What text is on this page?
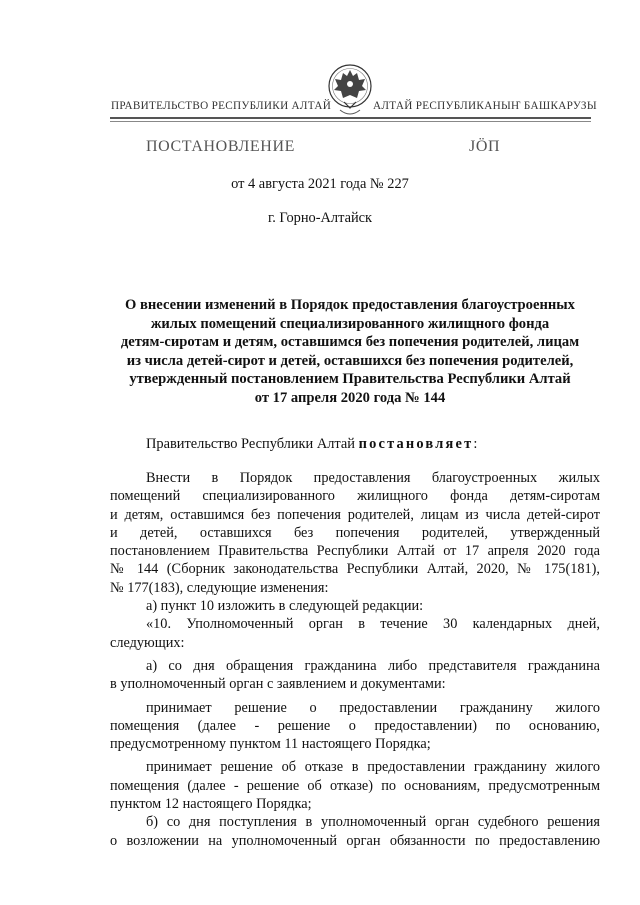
ПРАВИТЕЛЬСТВО РЕСПУБЛИКИ АЛТАЙ	АЛТАЙ РЕСПУБЛИКАНЫҤ БАШКАРУЗЫ
ПОСТАНОВЛЕНИЕ	JÖП
от 4 августа 2021 года № 227
г. Горно-Алтайск
О внесении изменений в Порядок предоставления благоустроенных
жилых помещений специализированного жилищного фонда
детям-сиротам и детям, оставшимся без попечения родителей, лицам
из числа детей-сирот и детей, оставшихся без попечения родителей,
утвержденный постановлением Правительства Республики Алтай
от 17 апреля 2020 года № 144
Правительство Республики Алтай постановляет:
Внести в Порядок предоставления благоустроенных жилых
помещений специализированного жилищного фонда детям-сиротам
и детям, оставшимся без попечения родителей, лицам из числа детей-сирот
и детей, оставшихся без попечения родителей, утвержденный
постановлением Правительства Республики Алтай от 17 апреля 2020 года
№ 144 (Сборник законодательства Республики Алтай, 2020, № 175(181),
№ 177(183), следующие изменения:
а) пункт 10 изложить в следующей редакции:
«10. Уполномоченный орган в течение 30 календарных дней,
следующих:
а) со дня обращения гражданина либо представителя гражданина
в уполномоченный орган с заявлением и документами:
принимает решение о предоставлении гражданину жилого
помещения (далее - решение о предоставлении) по основанию,
предусмотренному пунктом 11 настоящего Порядка;
принимает решение об отказе в предоставлении гражданину жилого
помещения (далее - решение об отказе) по основаниям, предусмотренным
пунктом 12 настоящего Порядка;
б) со дня поступления в уполномоченный орган судебного решения
о возложении на уполномоченный орган обязанности по предоставлению
